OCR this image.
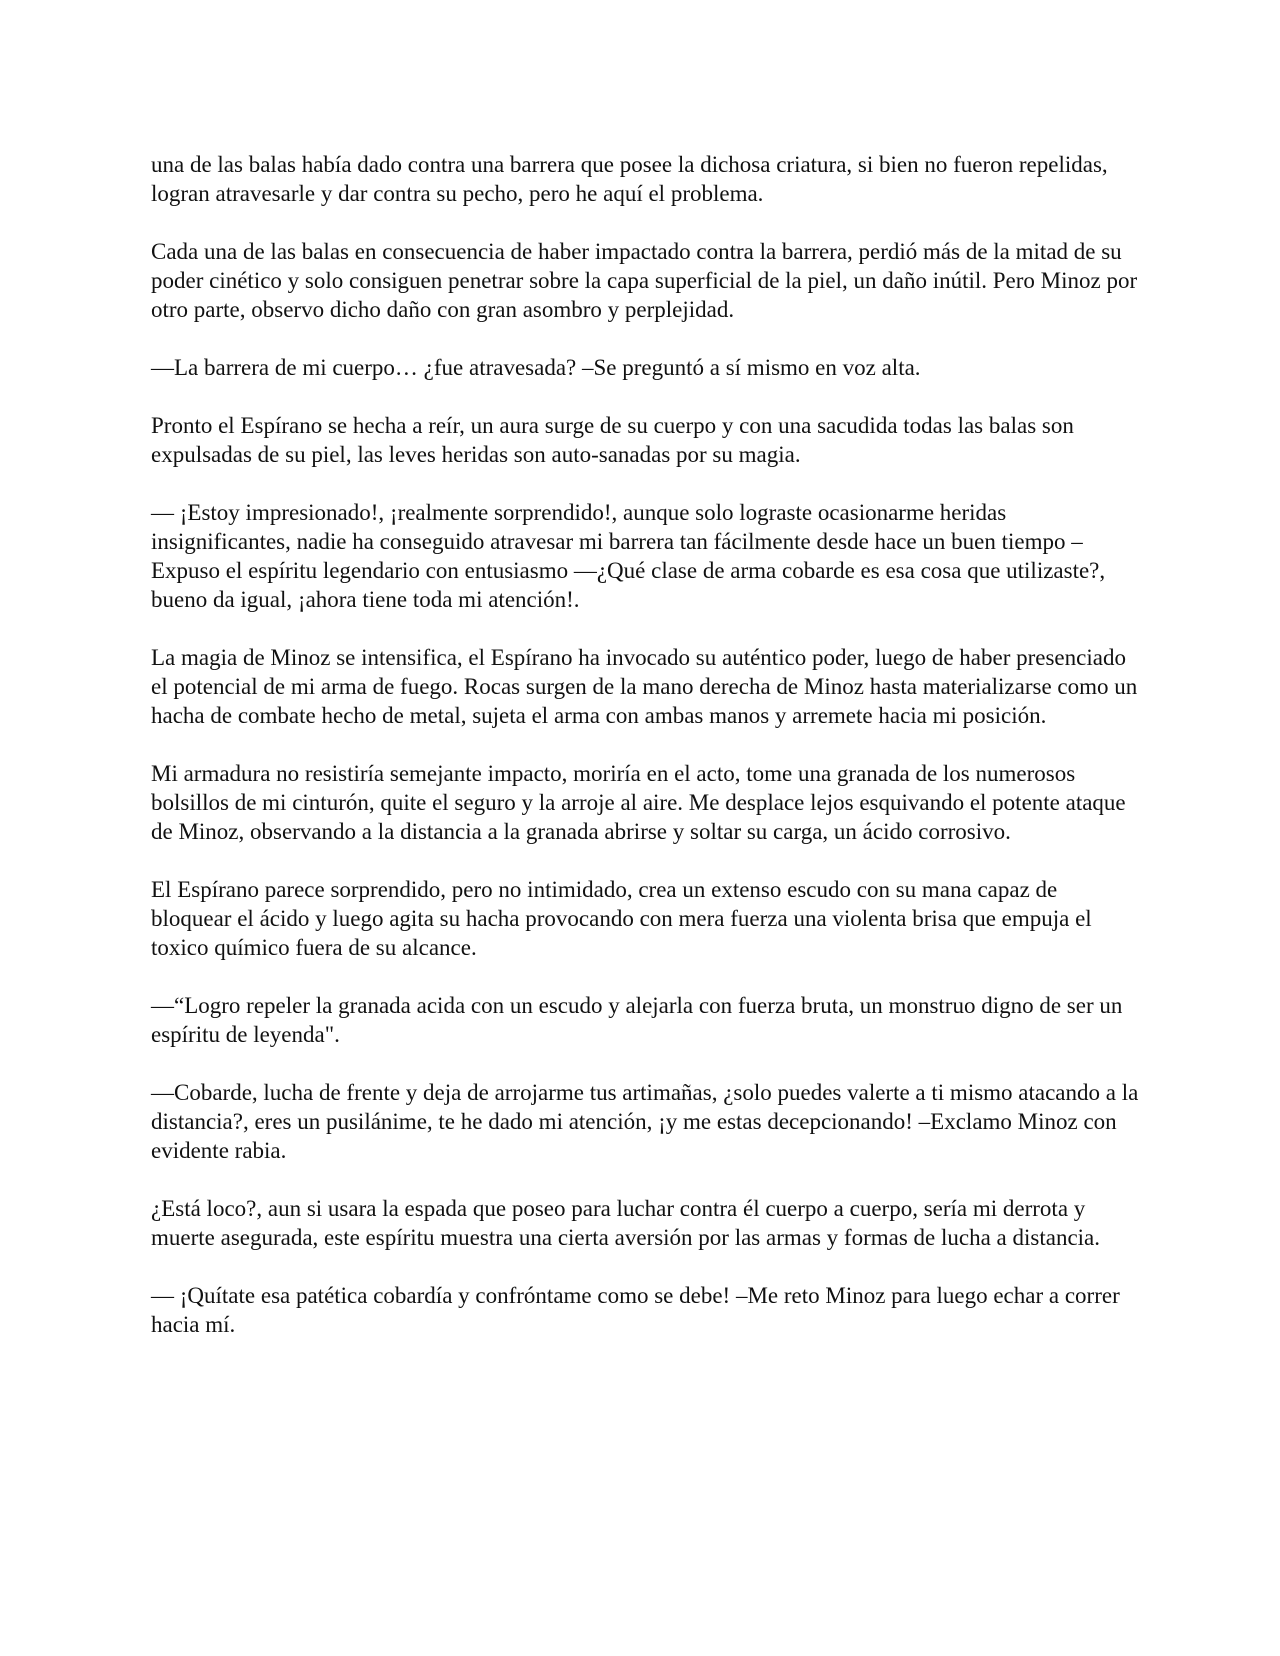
una de las balas había dado contra una barrera que posee la dichosa criatura, si bien no fueron repelidas, logran atravesarle y dar contra su pecho, pero he aquí el problema.

Cada una de las balas en consecuencia de haber impactado contra la barrera, perdió más de la mitad de su poder cinético y solo consiguen penetrar sobre la capa superficial de la piel, un daño inútil. Pero Minoz por otro parte, observo dicho daño con gran asombro y perplejidad.

—La barrera de mi cuerpo… ¿fue atravesada? –Se preguntó a sí mismo en voz alta.

Pronto el Espírano se hecha a reír, un aura surge de su cuerpo y con una sacudida todas las balas son expulsadas de su piel, las leves heridas son auto-sanadas por su magia.

— ¡Estoy impresionado!, ¡realmente sorprendido!, aunque solo lograste ocasionarme heridas insignificantes, nadie ha conseguido atravesar mi barrera tan fácilmente desde hace un buen tiempo –Expuso el espíritu legendario con entusiasmo —¿Qué clase de arma cobarde es esa cosa que utilizaste?, bueno da igual, ¡ahora tiene toda mi atención!.

La magia de Minoz se intensifica, el Espírano ha invocado su auténtico poder, luego de haber presenciado el potencial de mi arma de fuego. Rocas surgen de la mano derecha de Minoz hasta materializarse como un hacha de combate hecho de metal, sujeta el arma con ambas manos y arremete hacia mi posición.

Mi armadura no resistiría semejante impacto, moriría en el acto, tome una granada de los numerosos bolsillos de mi cinturón, quite el seguro y la arroje al aire. Me desplace lejos esquivando el potente ataque de Minoz, observando a la distancia a la granada abrirse y soltar su carga, un ácido corrosivo.

El Espírano parece sorprendido, pero no intimidado, crea un extenso escudo con su mana capaz de bloquear el ácido y luego agita su hacha provocando con mera fuerza una violenta brisa que empuja el toxico químico fuera de su alcance.

—“Logro repeler la granada acida con un escudo y alejarla con fuerza bruta, un monstruo digno de ser un espíritu de leyenda".

—Cobarde, lucha de frente y deja de arrojarme tus artimañas, ¿solo puedes valerte a ti mismo atacando a la distancia?, eres un pusilánime, te he dado mi atención, ¡y me estas decepcionando! –Exclamo Minoz con evidente rabia.

¿Está loco?, aun si usara la espada que poseo para luchar contra él cuerpo a cuerpo, sería mi derrota y muerte asegurada, este espíritu muestra una cierta aversión por las armas y formas de lucha a distancia.

— ¡Quítate esa patética cobardía y confróntame como se debe! –Me reto Minoz para luego echar a correr hacia mí.
